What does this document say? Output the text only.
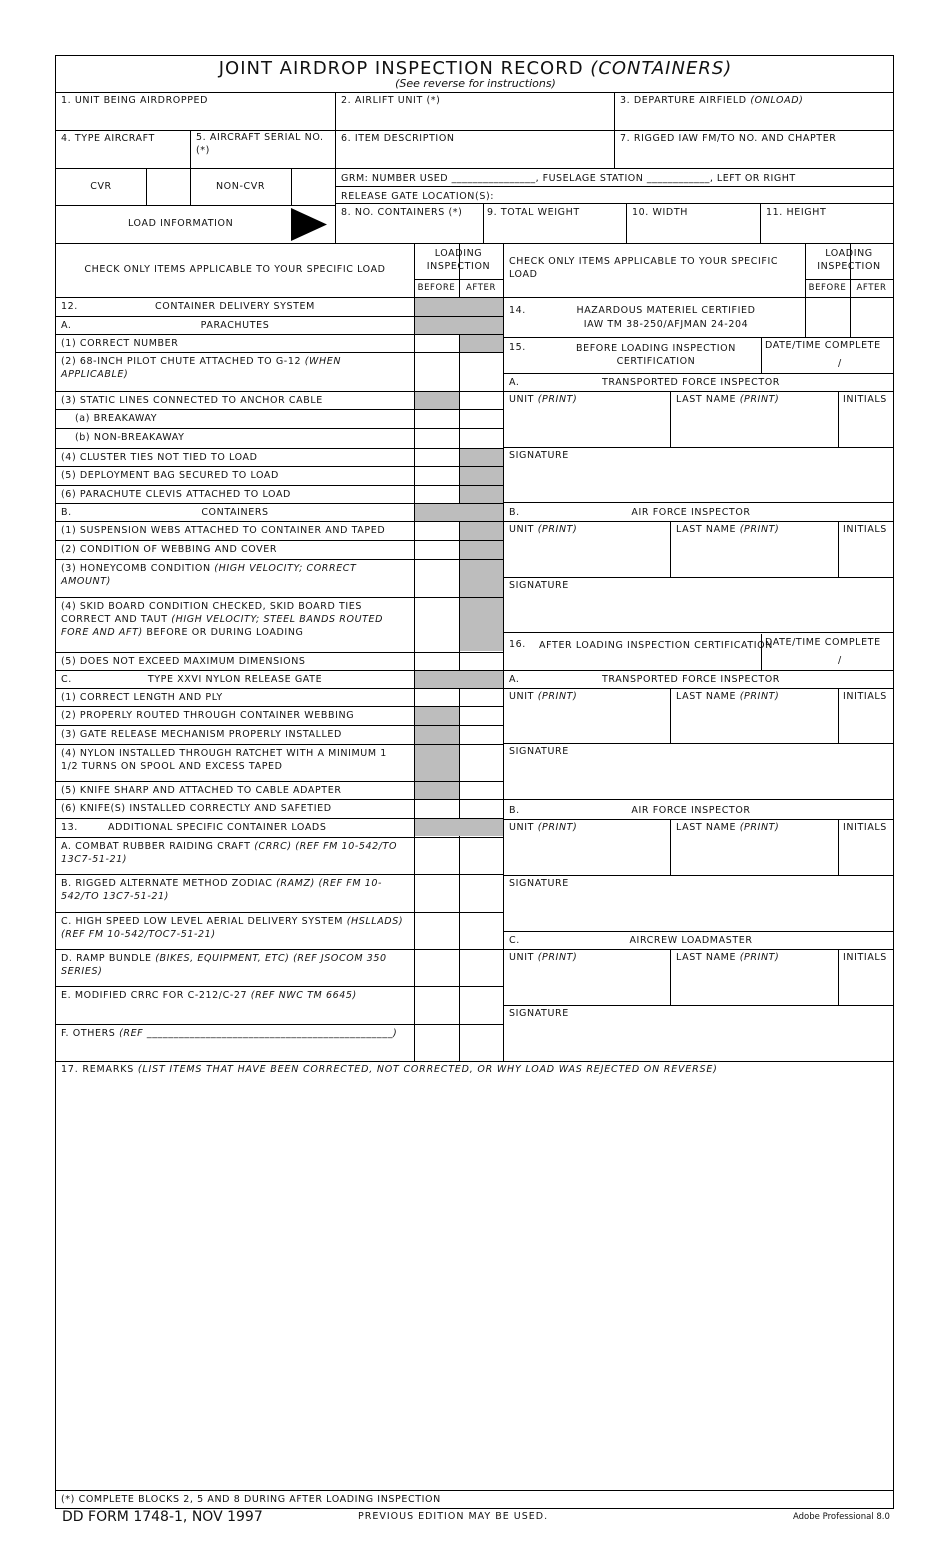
JOINT AIRDROP INSPECTION RECORD (CONTAINERS)
(See reverse for instructions)
1. UNIT BEING AIRDROPPED	2. AIRLIFT UNIT (*)	3. DEPARTURE AIRFIELD (ONLOAD)
4. TYPE AIRCRAFT	5. AIRCRAFT SERIAL NO. (*)
6. ITEM DESCRIPTION	7. RIGGED IAW FM/TO NO. AND CHAPTER
CVR	NON-CVR
GRM: NUMBER USED ________________, FUSELAGE STATION ____________, LEFT OR RIGHT
RELEASE GATE LOCATION(S):
LOAD INFORMATION
8. NO. CONTAINERS (*)	9. TOTAL WEIGHT	10. WIDTH	11. HEIGHT
CHECK ONLY ITEMS APPLICABLE TO YOUR SPECIFIC LOAD
LOADING INSPECTION
BEFORE	AFTER
CHECK ONLY ITEMS APPLICABLE TO YOUR SPECIFIC LOAD
LOADING INSPECTION
BEFORE	AFTER
14.	HAZARDOUS MATERIEL CERTIFIED
IAW TM 38-250/AFJMAN 24-204
17. REMARKS (LIST ITEMS THAT HAVE BEEN CORRECTED, NOT CORRECTED, OR WHY LOAD WAS REJECTED ON REVERSE)
(*) COMPLETE BLOCKS 2, 5 AND 8 DURING AFTER LOADING INSPECTION
12.	CONTAINER DELIVERY SYSTEM
A.	PARACHUTES
(1) CORRECT NUMBER
(2) 68-INCH PILOT CHUTE ATTACHED TO G-12 (WHEN APPLICABLE)
(3) STATIC LINES CONNECTED TO ANCHOR CABLE
(a) BREAKAWAY
(b) NON-BREAKAWAY
(4) CLUSTER TIES NOT TIED TO LOAD
(5) DEPLOYMENT BAG SECURED TO LOAD
(6) PARACHUTE CLEVIS ATTACHED TO LOAD
B.	CONTAINERS
(1) SUSPENSION WEBS ATTACHED TO CONTAINER AND TAPED
(2) CONDITION OF WEBBING AND COVER
(3) HONEYCOMB CONDITION (HIGH VELOCITY; CORRECT AMOUNT)
(4) SKID BOARD CONDITION CHECKED, SKID BOARD TIES CORRECT AND TAUT (HIGH VELOCITY; STEEL BANDS ROUTED FORE AND AFT) BEFORE OR DURING LOADING
(5) DOES NOT EXCEED MAXIMUM DIMENSIONS
C.	TYPE XXVI NYLON RELEASE GATE
(1) CORRECT LENGTH AND PLY
(2) PROPERLY ROUTED THROUGH CONTAINER WEBBING
(3) GATE RELEASE MECHANISM PROPERLY INSTALLED
(4) NYLON INSTALLED THROUGH RATCHET WITH A MINIMUM 1 1/2 TURNS ON SPOOL AND EXCESS TAPED
(5) KNIFE SHARP AND ATTACHED TO CABLE ADAPTER
(6) KNIFE(S) INSTALLED CORRECTLY AND SAFETIED
13.	ADDITIONAL SPECIFIC CONTAINER LOADS
A. COMBAT RUBBER RAIDING CRAFT (CRRC) (REF FM 10-542/TO 13C7-51-21)
B. RIGGED ALTERNATE METHOD ZODIAC (RAMZ) (REF FM 10-542/TO 13C7-51-21)
C. HIGH SPEED LOW LEVEL AERIAL DELIVERY SYSTEM (HSLLADS) (REF FM 10-542/TOC7-51-21)
D. RAMP BUNDLE (BIKES, EQUIPMENT, ETC) (REF JSOCOM 350 SERIES)
E. MODIFIED CRRC FOR C-212/C-27 (REF NWC TM 6645)
F. OTHERS (REF ______________________________________________)
15.	BEFORE LOADING INSPECTION CERTIFICATION
DATE/TIME COMPLETE
/
A.	TRANSPORTED FORCE INSPECTOR
UNIT (PRINT)	LAST NAME (PRINT)	INITIALS
SIGNATURE
B.	AIR FORCE INSPECTOR
UNIT (PRINT)	LAST NAME (PRINT)	INITIALS
SIGNATURE
16.	AFTER LOADING INSPECTION CERTIFICATION
DATE/TIME COMPLETE
/
A.	TRANSPORTED FORCE INSPECTOR
UNIT (PRINT)	LAST NAME (PRINT)	INITIALS
SIGNATURE
B.	AIR FORCE INSPECTOR
UNIT (PRINT)	LAST NAME (PRINT)	INITIALS
SIGNATURE
C.	AIRCREW LOADMASTER
UNIT (PRINT)	LAST NAME (PRINT)	INITIALS
SIGNATURE
DD FORM 1748-1, NOV 1997	PREVIOUS EDITION MAY BE USED.	Adobe Professional 8.0
